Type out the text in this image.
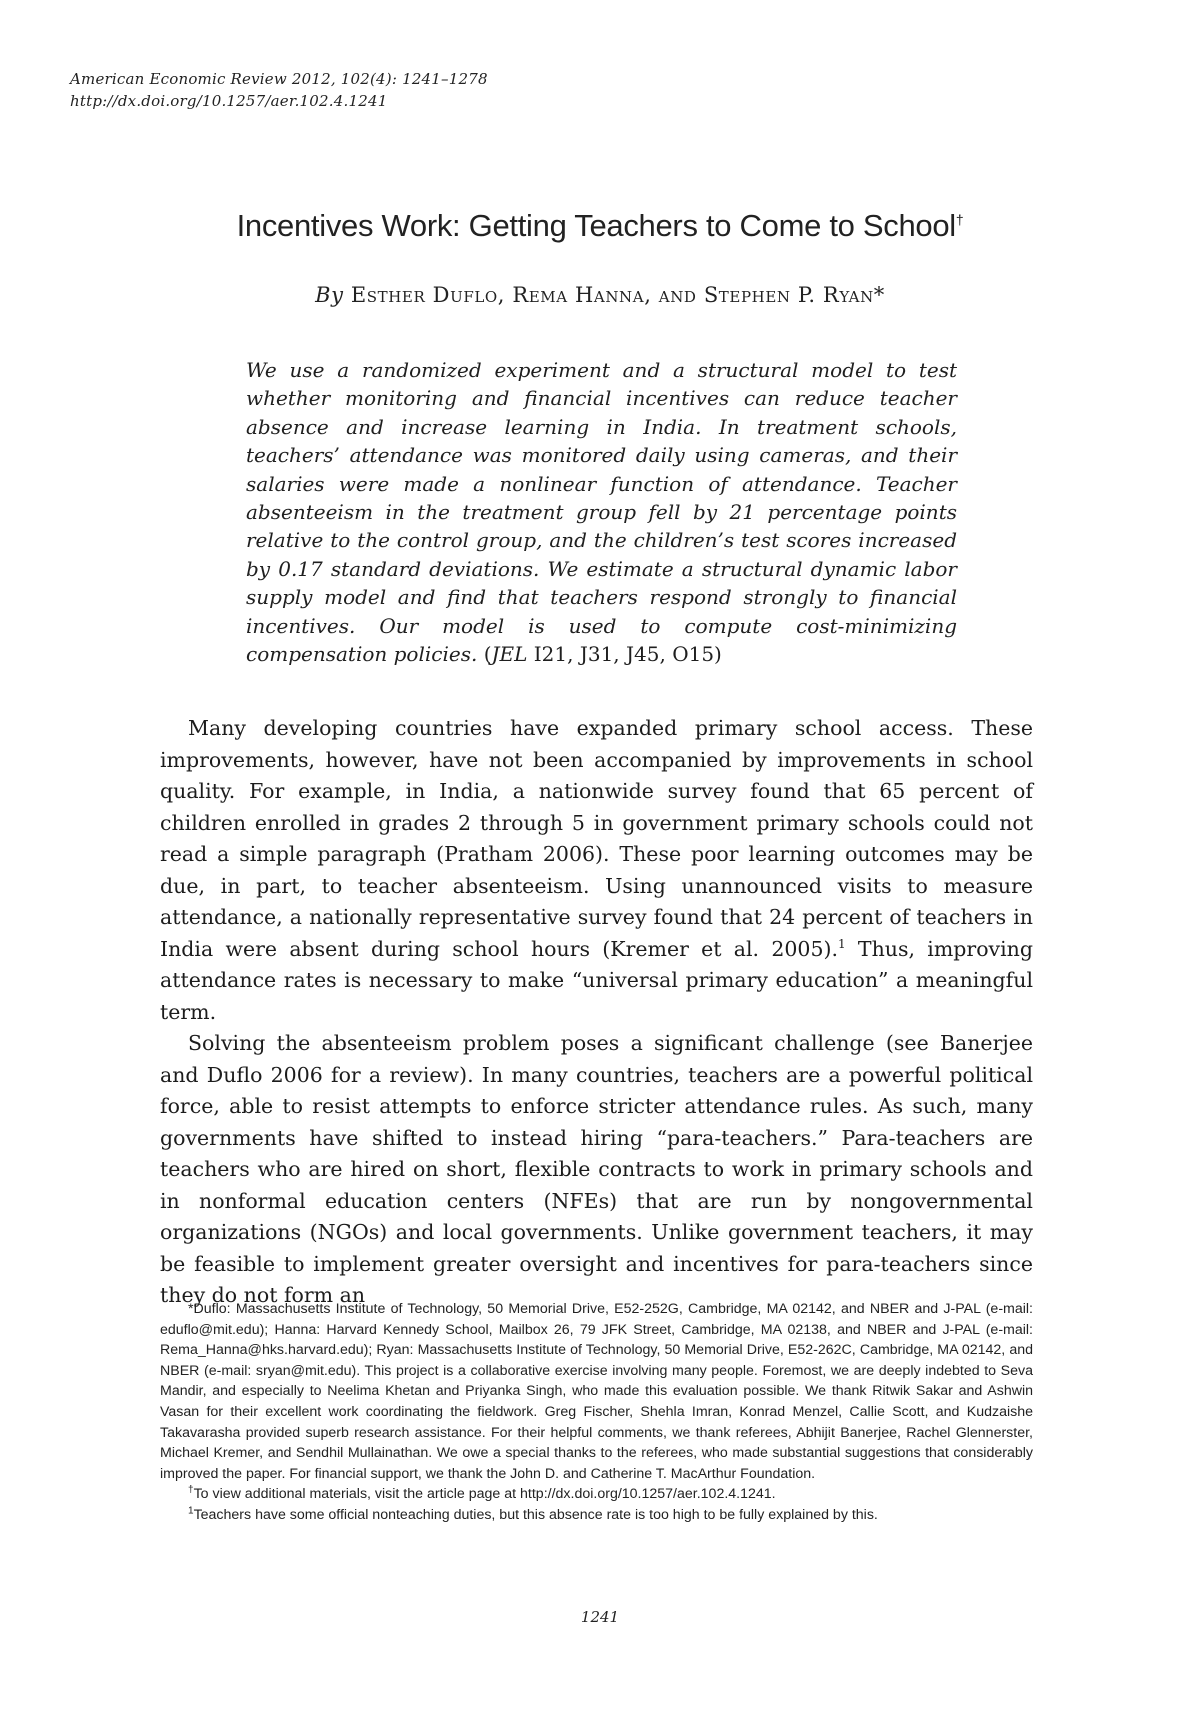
American Economic Review 2012, 102(4): 1241–1278
http://dx.doi.org/10.1257/aer.102.4.1241
Incentives Work: Getting Teachers to Come to School†
By Esther Duflo, Rema Hanna, and Stephen P. Ryan*
We use a randomized experiment and a structural model to test whether monitoring and financial incentives can reduce teacher absence and increase learning in India. In treatment schools, teachers’ attendance was monitored daily using cameras, and their salaries were made a nonlinear function of attendance. Teacher absenteeism in the treatment group fell by 21 percentage points relative to the control group, and the children’s test scores increased by 0.17 standard deviations. We estimate a structural dynamic labor supply model and find that teachers respond strongly to financial incentives. Our model is used to compute cost-minimizing compensation policies. (JEL I21, J31, J45, O15)

Many developing countries have expanded primary school access. These improvements, however, have not been accompanied by improvements in school quality. For example, in India, a nationwide survey found that 65 percent of children enrolled in grades 2 through 5 in government primary schools could not read a simple paragraph (Pratham 2006). These poor learning outcomes may be due, in part, to teacher absenteeism. Using unannounced visits to measure attendance, a nationally representative survey found that 24 percent of teachers in India were absent during school hours (Kremer et al. 2005).$^1$ Thus, improving attendance rates is necessary to make “universal primary education” a meaningful term.

Solving the absenteeism problem poses a significant challenge (see Banerjee and Duflo 2006 for a review). In many countries, teachers are a powerful political force, able to resist attempts to enforce stricter attendance rules. As such, many governments have shifted to instead hiring “para-teachers.” Para-teachers are teachers who are hired on short, flexible contracts to work in primary schools and in nonformal education centers (NFEs) that are run by nongovernmental organizations (NGOs) and local governments. Unlike government teachers, it may be feasible to implement greater oversight and incentives for para-teachers since they do not form an

*Duflo: Massachusetts Institute of Technology, 50 Memorial Drive, E52-252G, Cambridge, MA 02142, and NBER and J-PAL (e-mail: eduflo@mit.edu); Hanna: Harvard Kennedy School, Mailbox 26, 79 JFK Street, Cambridge, MA 02138, and NBER and J-PAL (e-mail: Rema_Hanna@hks.harvard.edu); Ryan: Massachusetts Institute of Technology, 50 Memorial Drive, E52-262C, Cambridge, MA 02142, and NBER (e-mail: sryan@mit.edu). This project is a collaborative exercise involving many people. Foremost, we are deeply indebted to Seva Mandir, and especially to Neelima Khetan and Priyanka Singh, who made this evaluation possible. We thank Ritwik Sakar and Ashwin Vasan for their excellent work coordinating the fieldwork. Greg Fischer, Shehla Imran, Konrad Menzel, Callie Scott, and Kudzaishe Takavarasha provided superb research assistance. For their helpful comments, we thank referees, Abhijit Banerjee, Rachel Glennerster, Michael Kremer, and Sendhil Mullainathan. We owe a special thanks to the referees, who made substantial suggestions that considerably improved the paper. For financial support, we thank the John D. and Catherine T. MacArthur Foundation.

†To view additional materials, visit the article page at http://dx.doi.org/10.1257/aer.102.4.1241.

$^1$Teachers have some official nonteaching duties, but this absence rate is too high to be fully explained by this.

1241
